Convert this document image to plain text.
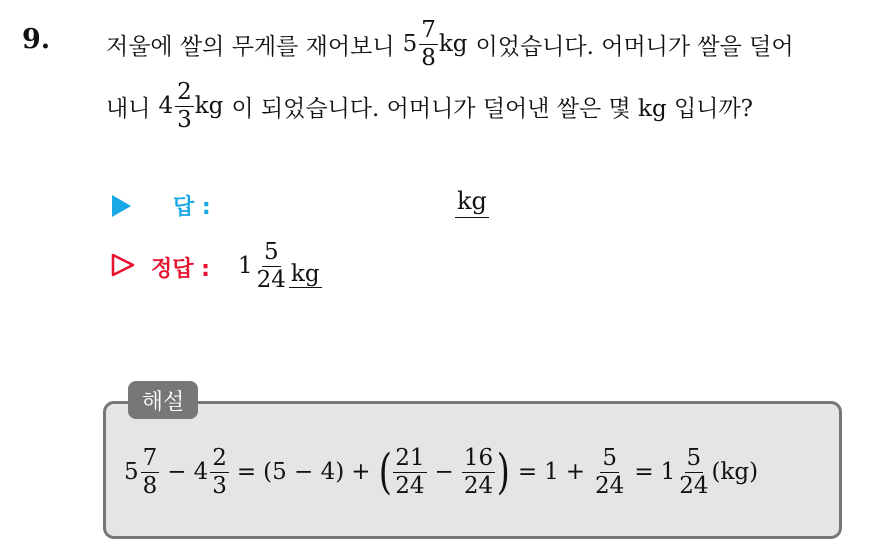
9. 저울에 쌀의 무게를 재어보니 $5 \frac{7}{8}$ kg 이었습니다. 어머니가 쌀을 덜어
내니 $4 \frac{2}{3}$ kg 이 되었습니다. 어머니가 덜어낸 쌀은 몇 kg 입니까?
답 :	kg
정답 : $1 \frac{5}{24}$ kg
해설
$5 \frac{7}{8} - 4 \frac{2}{3} = (5 - 4)$ + ( $\frac{21}{24} - \frac{16}{24}$ ) = $1 + \frac{5}{24} = 1 \frac{5}{24} (kg)$
